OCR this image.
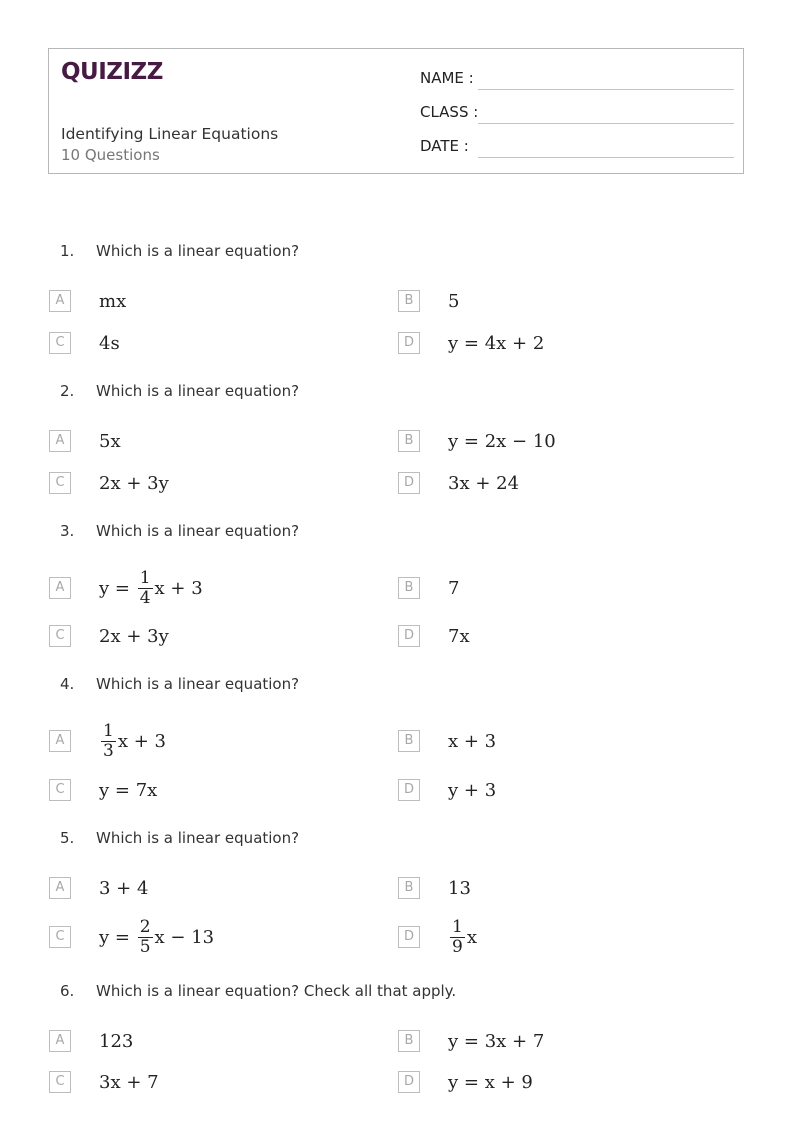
QUIZIZZ
Identifying Linear Equations
10 Questions
NAME :
CLASS :
DATE :
1. Which is a linear equation?
A	mx	B	5
C	4s	D	y = 4x + 2
2. Which is a linear equation?
A	5x	B	y = 2x − 10
C	2x + 3y	D	3x + 24
3. Which is a linear equation?
A	$y = \frac{1}{4}$ x + 3	B	7
C	2x + 3y	D	7x
4. Which is a linear equation?
A	$\frac{1}{3}$ x + 3	B	x + 3
C	y = 7x	D	y + 3
5. Which is a linear equation?
A	3 + 4	B	13
C	$y = \frac{2}{5}$ x − 13	D	$\frac{1}{9}$ x
6. Which is a linear equation? Check all that apply.
A	123	B	y = 3x + 7
C	3x + 7	D	y = x + 9
